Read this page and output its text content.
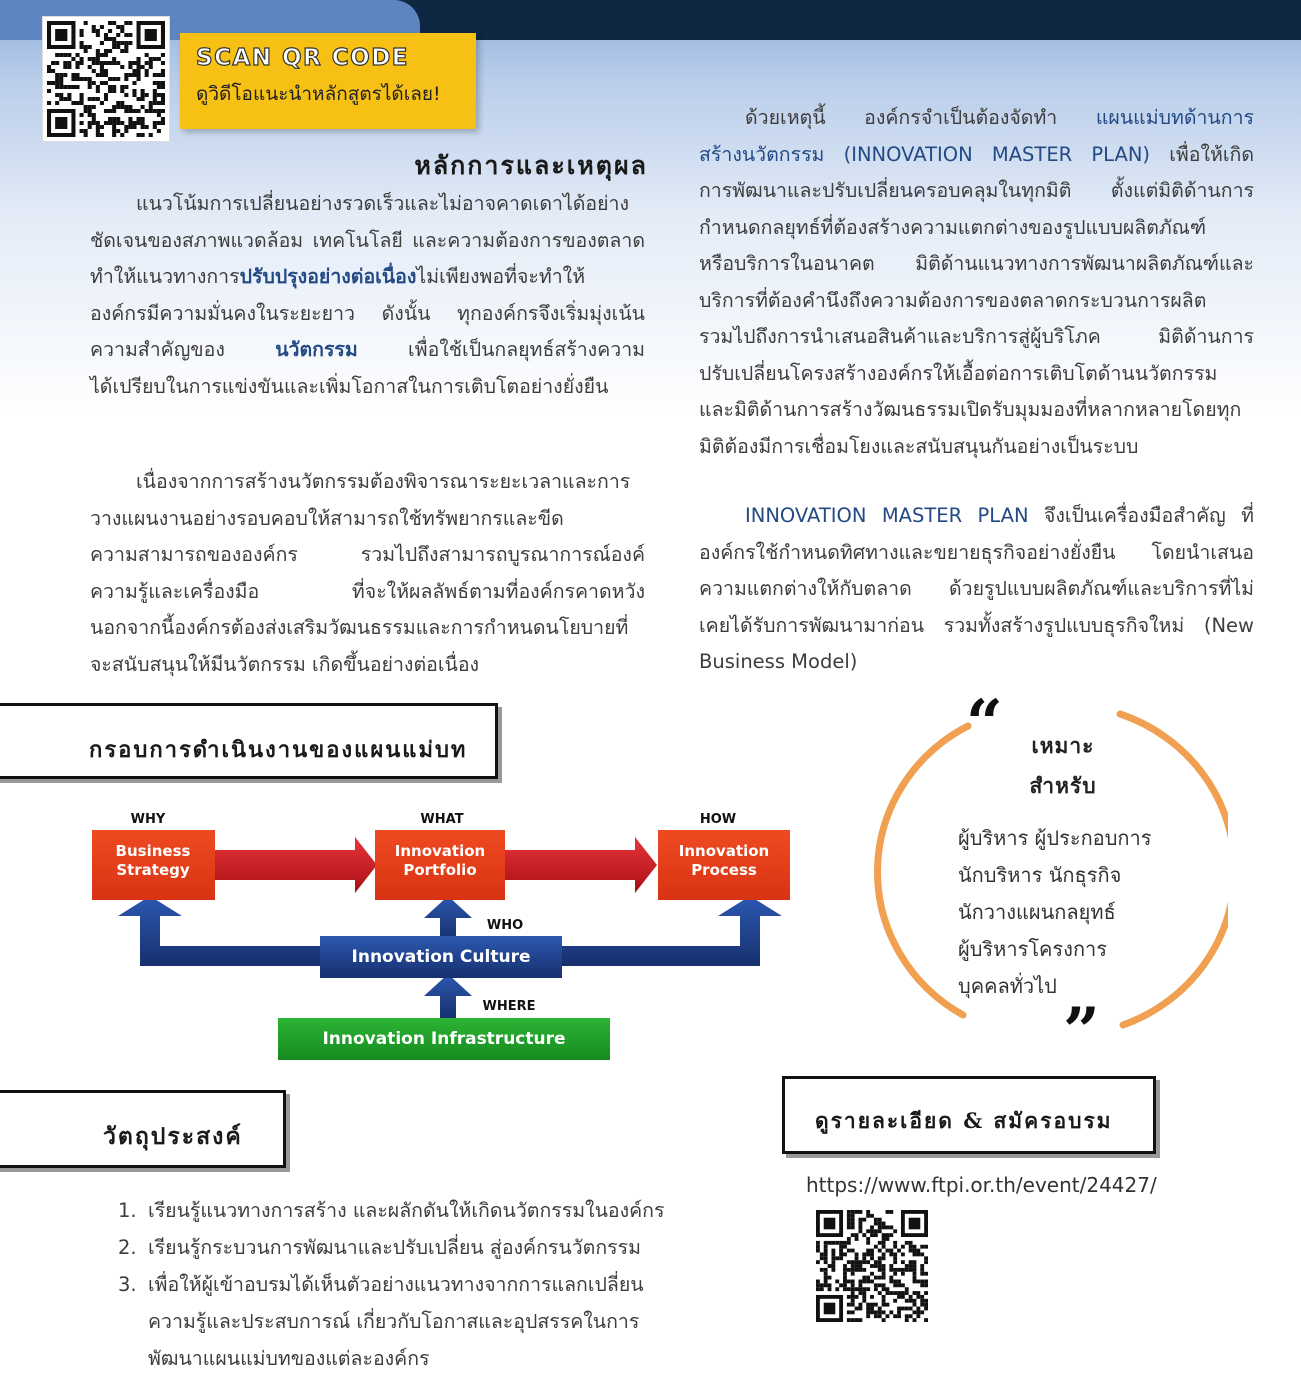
SCAN QR CODE
ดูวิดีโอแนะนำหลักสูตรได้เลย!
หลักการและเหตุผล

แนวโน้มการเปลี่ยนอย่างรวดเร็วและไม่อาจคาดเดาได้อย่าง

ชัดเจนของสภาพแวดล้อม เทคโนโลยี และความต้องการของตลาด

ทำให้แนวทางการปรับปรุงอย่างต่อเนื่องไม่เพียงพอที่จะทำให้

องค์กรมีความมั่นคงในระยะยาว ดังนั้น ทุกองค์กรจึงเริ่มมุ่งเน้น

ความสำคัญของ นวัตกรรม เพื่อใช้เป็นกลยุทธ์สร้างความ

ได้เปรียบในการแข่งขันและเพิ่มโอกาสในการเติบโตอย่างยั่งยืน

เนื่องจากการสร้างนวัตกรรมต้องพิจารณาระยะเวลาและการ

วางแผนงานอย่างรอบคอบให้สามารถใช้ทรัพยากรและขีด

ความสามารถขององค์กร รวมไปถึงสามารถบูรณาการณ์องค์

ความรู้และเครื่องมือ ที่จะให้ผลลัพธ์ตามที่องค์กรคาดหวัง

นอกจากนี้องค์กรต้องส่งเสริมวัฒนธรรมและการกำหนดนโยบายที่

จะสนับสนุนให้มีนวัตกรรม เกิดขึ้นอย่างต่อเนื่อง

ด้วยเหตุนี้ องค์กรจำเป็นต้องจัดทำ แผนแม่บทด้านการ

สร้างนวัตกรรม (INNOVATION MASTER PLAN) เพื่อให้เกิด

การพัฒนาและปรับเปลี่ยนครอบคลุมในทุกมิติ ตั้งแต่มิติด้านการ

กำหนดกลยุทธ์ที่ต้องสร้างความแตกต่างของรูปแบบผลิตภัณฑ์

หรือบริการในอนาคต มิติด้านแนวทางการพัฒนาผลิตภัณฑ์และ

บริการที่ต้องคำนึงถึงความต้องการของตลาดกระบวนการผลิต

รวมไปถึงการนำเสนอสินค้าและบริการสู่ผู้บริโภค มิติด้านการ

ปรับเปลี่ยนโครงสร้างองค์กรให้เอื้อต่อการเติบโตด้านนวัตกรรม

และมิติด้านการสร้างวัฒนธรรมเปิดรับมุมมองที่หลากหลายโดยทุก

มิติต้องมีการเชื่อมโยงและสนับสนุนกันอย่างเป็นระบบ

INNOVATION MASTER PLAN จึงเป็นเครื่องมือสำคัญ ที่

องค์กรใช้กำหนดทิศทางและขยายธุรกิจอย่างยั่งยืน โดยนำเสนอ

ความแตกต่างให้กับตลาด ด้วยรูปแบบผลิตภัณฑ์และบริการที่ไม่

เคยได้รับการพัฒนามาก่อน รวมทั้งสร้างรูปแบบธุรกิจใหม่ (New

Business Model)

กรอบการดำเนินงานของแผนแม่บท
Business
Strategy
Innovation
Portfolio
Innovation
Process
Innovation Culture
Innovation Infrastructure
WHY	WHAT	HOW
WHO
WHERE
“
”
เหมาะ
สำหรับ
ผู้บริหาร ผู้ประกอบการ
นักบริหาร นักธุรกิจ
นักวางแผนกลยุทธ์
ผู้บริหารโครงการ
บุคคลทั่วไป
วัตถุประสงค์
1. เรียนรู้แนวทางการสร้าง และผลักดันให้เกิดนวัตกรรมในองค์กร
2. เรียนรู้กระบวนการพัฒนาและปรับเปลี่ยน สู่องค์กรนวัตกรรม
3. เพื่อให้ผู้เข้าอบรมได้เห็นตัวอย่างแนวทางจากการแลกเปลี่ยน
ความรู้และประสบการณ์ เกี่ยวกับโอกาสและอุปสรรคในการ
พัฒนาแผนแม่บทของแต่ละองค์กร
ดูรายละเอียด & สมัครอบรม
https://www.ftpi.or.th/event/24427/
